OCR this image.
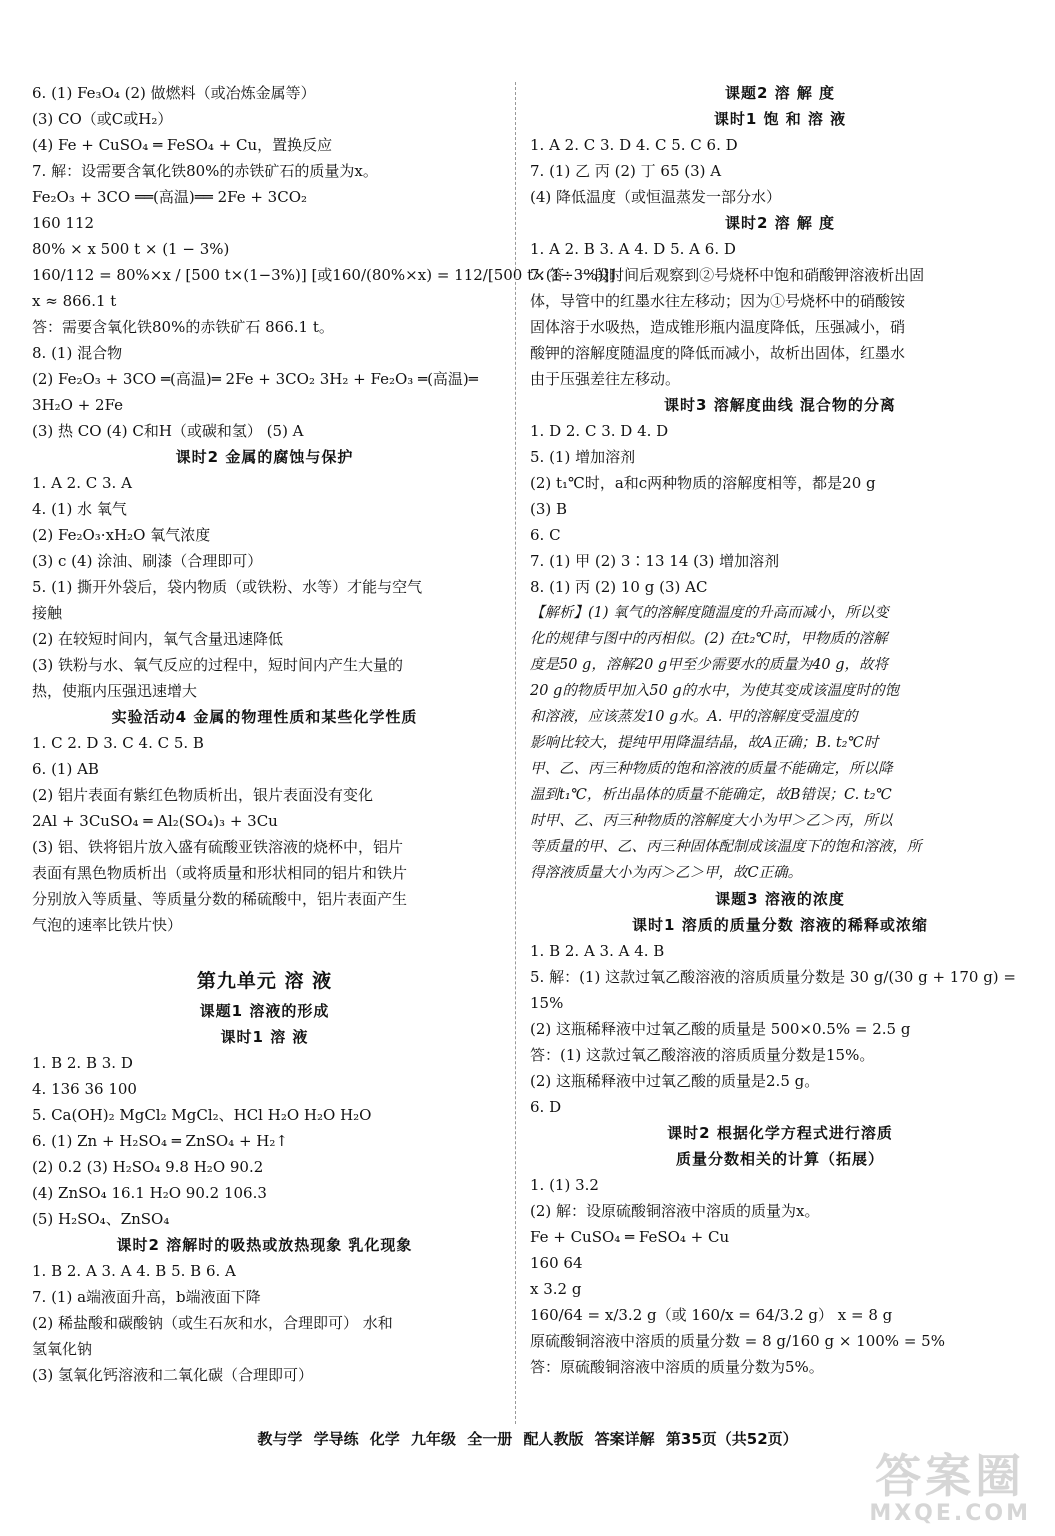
6. (1) Fe₃O₄ (2) 做燃料（或冶炼金属等）
(3) CO（或C或H₂）
(4) Fe + CuSO₄ ═ FeSO₄ + Cu，置换反应
7. 解：设需要含氧化铁80%的赤铁矿石的质量为x。
Fe₂O₃ + 3CO ══(高温)══ 2Fe + 3CO₂
160 112
80% × x 500 t × (1 − 3%)
160/112 = 80%×x / [500 t×(1−3%)] [或160/(80%×x) = 112/[500 t×(1−3%)]]
x ≈ 866.1 t
答：需要含氧化铁80%的赤铁矿石 866.1 t。
8. (1) 混合物
(2) Fe₂O₃ + 3CO ═(高温)═ 2Fe + 3CO₂ 3H₂ + Fe₂O₃ ═(高温)═
3H₂O + 2Fe
(3) 热 CO (4) C和H（或碳和氢） (5) A
课时2 金属的腐蚀与保护
1. A 2. C 3. A
4. (1) 水 氧气
(2) Fe₂O₃·xH₂O 氧气浓度
(3) c (4) 涂油、刷漆（合理即可）
5. (1) 撕开外袋后，袋内物质（或铁粉、水等）才能与空气
接触
(2) 在较短时间内，氧气含量迅速降低
(3) 铁粉与水、氧气反应的过程中，短时间内产生大量的
热，使瓶内压强迅速增大
实验活动4 金属的物理性质和某些化学性质
1. C 2. D 3. C 4. C 5. B
6. (1) AB
(2) 铝片表面有紫红色物质析出，银片表面没有变化
2Al + 3CuSO₄ ═ Al₂(SO₄)₃ + 3Cu
(3) 铝、铁将铝片放入盛有硫酸亚铁溶液的烧杯中，铝片
表面有黑色物质析出（或将质量和形状相同的铝片和铁片
分别放入等质量、等质量分数的稀硫酸中，铝片表面产生
气泡的速率比铁片快）
第九单元 溶 液
课题1 溶液的形成
课时1 溶 液
1. B 2. B 3. D
4. 136 36 100
5. Ca(OH)₂ MgCl₂ MgCl₂、HCl H₂O H₂O H₂O
6. (1) Zn + H₂SO₄ ═ ZnSO₄ + H₂↑
(2) 0.2 (3) H₂SO₄ 9.8 H₂O 90.2
(4) ZnSO₄ 16.1 H₂O 90.2 106.3
(5) H₂SO₄、ZnSO₄
课时2 溶解时的吸热或放热现象 乳化现象
1. B 2. A 3. A 4. B 5. B 6. A
7. (1) a端液面升高，b端液面下降
(2) 稀盐酸和碳酸钠（或生石灰和水，合理即可） 水和
氢氧化钠
(3) 氢氧化钙溶液和二氧化碳（合理即可）
课题2 溶 解 度
课时1 饱 和 溶 液
1. A 2. C 3. D 4. C 5. C 6. D
7. (1) 乙 丙 (2) 丁 65 (3) A
(4) 降低温度（或恒温蒸发一部分水）
课时2 溶 解 度
1. A 2. B 3. A 4. D 5. A 6. D
7. 答：一段时间后观察到②号烧杯中饱和硝酸钾溶液析出固
体，导管中的红墨水往左移动；因为①号烧杯中的硝酸铵
固体溶于水吸热，造成锥形瓶内温度降低，压强减小，硝
酸钾的溶解度随温度的降低而减小，故析出固体，红墨水
由于压强差往左移动。
课时3 溶解度曲线 混合物的分离
1. D 2. C 3. D 4. D
5. (1) 增加溶剂
(2) t₁℃时，a和c两种物质的溶解度相等，都是20 g
(3) B
6. C
7. (1) 甲 (2) 3∶13 14 (3) 增加溶剂
8. (1) 丙 (2) 10 g (3) AC
【解析】(1) 氧气的溶解度随温度的升高而减小，所以变
化的规律与图中的丙相似。(2) 在t₂℃时，甲物质的溶解
度是50 g，溶解20 g甲至少需要水的质量为40 g，故将
20 g的物质甲加入50 g的水中，为使其变成该温度时的饱
和溶液，应该蒸发10 g水。A. 甲的溶解度受温度的
影响比较大，提纯甲用降温结晶，故A正确；B. t₂℃时
甲、乙、丙三种物质的饱和溶液的质量不能确定，所以降
温到t₁℃，析出晶体的质量不能确定，故B错误；C. t₂℃
时甲、乙、丙三种物质的溶解度大小为甲＞乙＞丙，所以
等质量的甲、乙、丙三种固体配制成该温度下的饱和溶液，所
得溶液质量大小为丙＞乙＞甲，故C正确。
课题3 溶液的浓度
课时1 溶质的质量分数 溶液的稀释或浓缩
1. B 2. A 3. A 4. B
5. 解：(1) 这款过氧乙酸溶液的溶质质量分数是 30 g/(30 g + 170 g) =
15%
(2) 这瓶稀释液中过氧乙酸的质量是 500×0.5% = 2.5 g
答：(1) 这款过氧乙酸溶液的溶质质量分数是15%。
(2) 这瓶稀释液中过氧乙酸的质量是2.5 g。
6. D
课时2 根据化学方程式进行溶质
质量分数相关的计算（拓展）
1. (1) 3.2
(2) 解：设原硫酸铜溶液中溶质的质量为x。
Fe + CuSO₄ ═ FeSO₄ + Cu
160 64
x 3.2 g
160/64 = x/3.2 g（或 160/x = 64/3.2 g） x = 8 g
原硫酸铜溶液中溶质的质量分数 = 8 g/160 g × 100% = 5%
答：原硫酸铜溶液中溶质的质量分数为5%。
教与学 学导练 化学 九年级 全一册 配人教版 答案详解 第35页（共52页）
答案圈
MXQE.COM
